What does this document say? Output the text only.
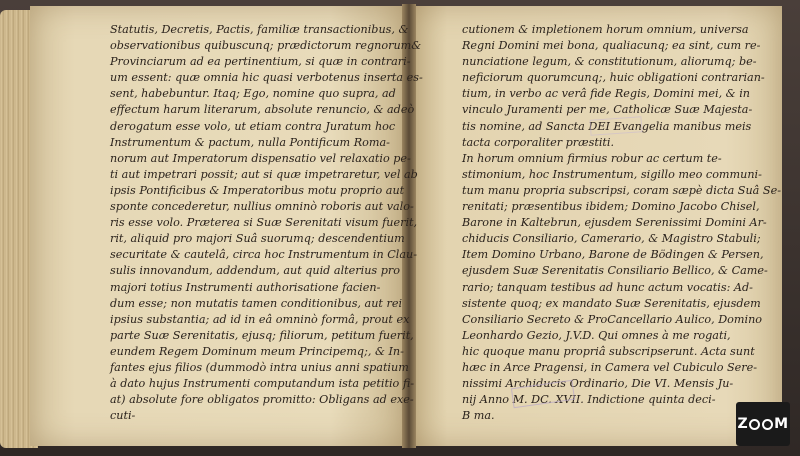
Statutis, Decretis, Pactis, familiæ transactionibus, &
observationibus quibuscunq; prædictorum regnorum&
Provinciarum ad ea pertinentium, si quæ in contrari-
um essent: quæ omnia hic quasi verbotenus inserta es-
sent, habebuntur. Itaq; Ego, nomine quo supra, ad
effectum harum literarum, absolute renuncio, & adeò
derogatum esse volo, ut etiam contra Juratum hoc
Instrumentum & pactum, nulla Pontificum Roma-
norum aut Imperatorum dispensatio vel relaxatio pe-
ti aut impetrari possit; aut si quæ impetraretur, vel ab
ipsis Pontificibus & Imperatoribus motu proprio aut
sponte concederetur, nullius omninò roboris aut valo-
ris esse volo. Præterea si Suæ Serenitati visum fuerit,
rit, aliquid pro majori Suâ suorumq; descendentium
securitate & cautelâ, circa hoc Instrumentum in Clau-
sulis innovandum, addendum, aut quid alterius pro
majori totius Instrumenti authorisatione facien-
dum esse; non mutatis tamen conditionibus, aut rei
ipsius substantia; ad id in eâ omninò formâ, prout ex
parte Suæ Serenitatis, ejusq; filiorum, petitum fuerit,
eundem Regem Dominum meum Principemq;, & In-
fantes ejus filios (dummodò intra unius anni spatium
à dato hujus Instrumenti computandum ista petitio fi-
at) absolute fore obligatos promitto: Obligans ad exe-
cuti-
cutionem & impletionem horum omnium, universa
Regni Domini mei bona, qualiacunq; ea sint, cum re-
nunciatione legum, & constitutionum, aliorumq; be-
neficiorum quorumcunq;, huic obligationi contrarian-
tium, in verbo ac verâ fide Regis, Domini mei, & in
vinculo Juramenti per me, Catholicæ Suæ Majesta-
tis nomine, ad Sancta DEI Evangelia manibus meis
tacta corporaliter præstiti.
In horum omnium firmius robur ac certum te-
stimonium, hoc Instrumentum, sigillo meo communi-
tum manu propria subscripsi, coram sæpè dicta Suâ Se-
renitati; præsentibus ibidem; Domino Jacobo Chisel,
Barone in Kaltebrun, ejusdem Serenissimi Domini Ar-
chiducis Consiliario, Camerario, & Magistro Stabuli;
Item Domino Urbano, Barone de Bödingen & Persen,
ejusdem Suæ Serenitatis Consiliario Bellico, & Came-
rario; tanquam testibus ad hunc actum vocatis: Ad-
sistente quoq; ex mandato Suæ Serenitatis, ejusdem
Consiliario Secreto & ProCancellario Aulico, Domino
Leonhardo Gezio, J.V.D. Qui omnes à me rogati,
hic quoque manu propriâ subscripserunt. Acta sunt
hæc in Arce Pragensi, in Camera vel Cubiculo Sere-
nissimi Archiducis Ordinario, Die VI. Mensis Ju-
nij Anno M. DC. XVII. Indictione quinta deci-
B ma.
Z M
